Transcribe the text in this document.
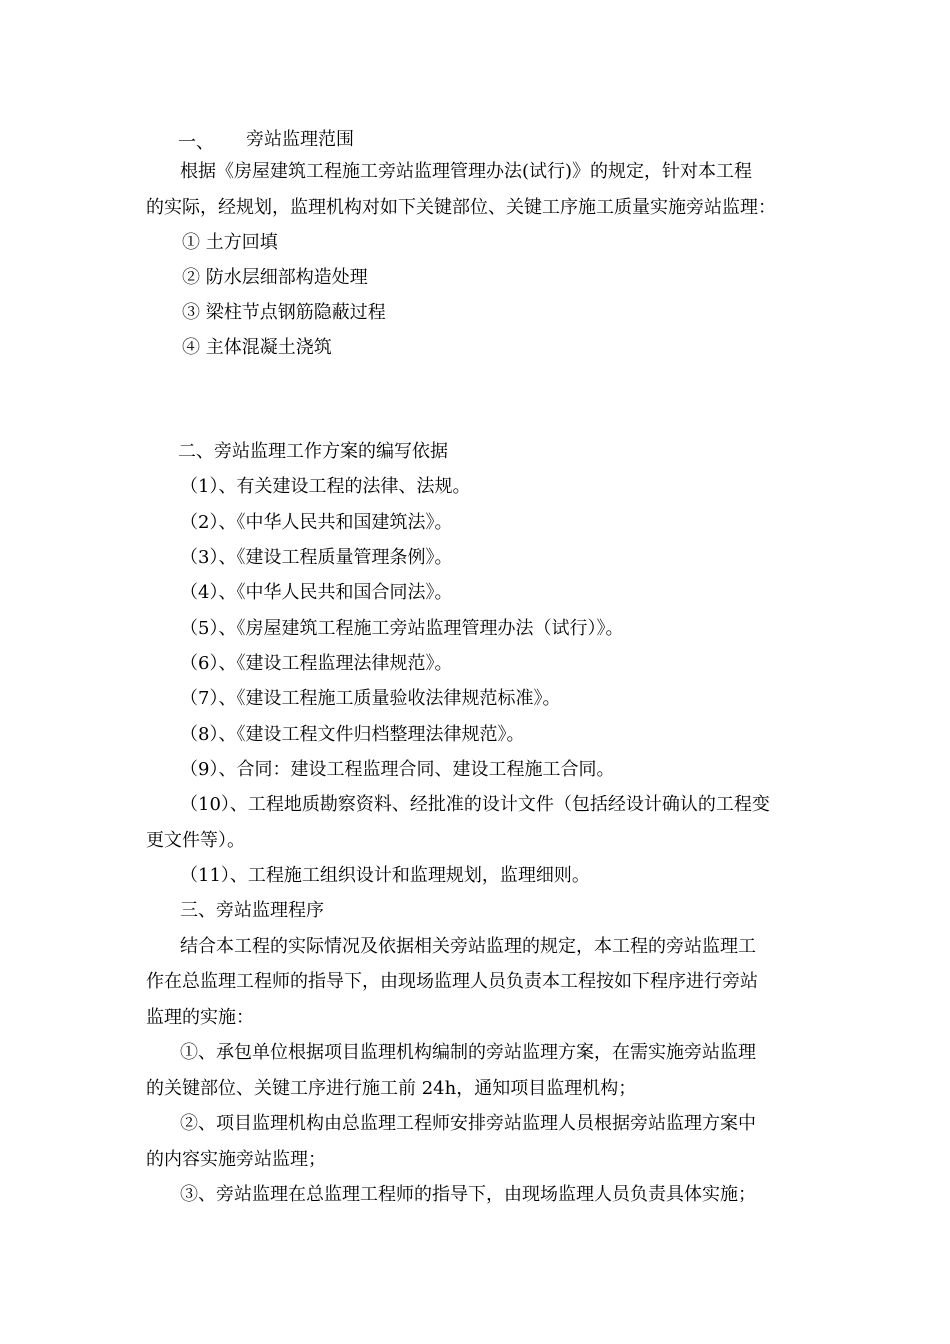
一、 旁站监理范围
根据《房屋建筑工程施工旁站监理管理办法(试行)》的规定，针对本工程
的实际，经规划，监理机构对如下关键部位、关键工序施工质量实施旁站监理：
① 土方回填
② 防水层细部构造处理
③ 梁柱节点钢筋隐蔽过程
④ 主体混凝土浇筑
二、旁站监理工作方案的编写依据
（1）、有关建设工程的法律、法规。
（2）、《中华人民共和国建筑法》。
（3）、《建设工程质量管理条例》。
（4）、《中华人民共和国合同法》。
（5）、《房屋建筑工程施工旁站监理管理办法（试行）》。
（6）、《建设工程监理法律规范》。
（7）、《建设工程施工质量验收法律规范标准》。
（8）、《建设工程文件归档整理法律规范》。
（9）、合同：建设工程监理合同、建设工程施工合同。
（10）、工程地质勘察资料、经批准的设计文件（包括经设计确认的工程变
更文件等）。
（11）、工程施工组织设计和监理规划，监理细则。
三、旁站监理程序
结合本工程的实际情况及依据相关旁站监理的规定，本工程的旁站监理工
作在总监理工程师的指导下，由现场监理人员负责本工程按如下程序进行旁站
监理的实施：
①、承包单位根据项目监理机构编制的旁站监理方案，在需实施旁站监理
的关键部位、关键工序进行施工前 24h，通知项目监理机构；
②、项目监理机构由总监理工程师安排旁站监理人员根据旁站监理方案中
的内容实施旁站监理；
③、旁站监理在总监理工程师的指导下，由现场监理人员负责具体实施；
